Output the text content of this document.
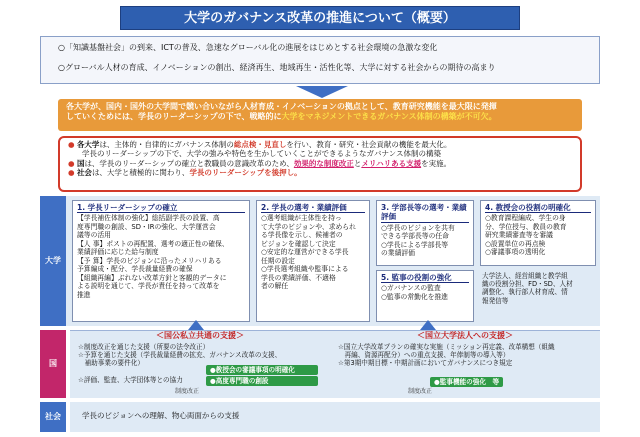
大学のガバナンス改革の推進について（概要）
○「知識基盤社会」の到来、ICTの普及、急速なグローバル化の進展をはじめとする社会環境の急激な変化
○グローバル人材の育成、イノベーションの創出、経済再生、地域再生・活性化等、大学に対する社会からの期待の高まり
各大学が、国内・国外の大学間で競い合いながら人材育成・イノベーションの拠点として、教育研究機能を最大限に発揮
していくためには、学長のリーダーシップの下で、戦略的に大学をマネジメントできるガバナンス体制の構築が不可欠。
● 各大学は、主体的・自律的にガバナンス体制の総点検・見直しを行い、教育・研究・社会貢献の機能を最大化。
学長のリーダーシップの下で、大学の強みや特色を生かしていくことができるようなガバナンス体制の構築
● 国は、学長のリーダーシップの確立と教職員の意識改革のため、効果的な制度改正とメリハリある支援を実施。
● 社会は、大学と積極的に関わり、学長のリーダーシップを後押し。
大学
1. 学長リーダーシップの確立
【学長補佐体制の強化】総括副学長の設置、高
度専門職の創設、SD・IRの強化、大学運営会
議等の活用
【人 事】ポストの再配置、選考の適正性の確保、
業績評価に応じた給与制度
【予 算】学長のビジョンに沿ったメリハリある
予算編成・配分、学長裁量経費の確保
【組織再編】ぶれない改革方針と客観的データに
よる説明を通じて、学長が責任を持って改革を
推進
2. 学長の選考・業績評価
○選考組織が主体性を持っ
て大学のビジョンや、求められ
る学長像を示し、候補者の
ビジョンを確認して決定
○安定的な運営ができる学長
任期の設定
○学長選考組織や監事による
学長の業績評価、不適格
者の解任
3. 学部長等の選考・業績評価
○学長のビジョンを共有
できる学部長等の任命
○学長による学部長等
の業績評価
4. 教授会の役割の明確化
○教育課程編成、学生の身
分、学位授与、教員の教育
研究業績審査等を審議
○設置単位の再点検
○審議事項の透明化
5. 監事の役割の強化
○ガバナンスの監査
○監事の常勤化を推進
大学法人、経営組織と教学組
織の役割分担、FD・SD、人材
調整化、執行部人材育成、情
報発信等
国
＜国公私立共通の支援＞
☆制度改正を通じた支援（所要の法令改正）
☆予算を通じた支援（学長裁量経費の拡充、ガバナンス改革の支援、
　補助事業の要件化）
☆評価、監査、大学団体等との協力
●教授会の審議事項の明確化
●高度専門職の創設
制度改正
＜国立大学法人への支援＞
☆国立大学改革プランの確実な実施（ミッション再定義、改革構想（組織
　再編、資源再配分）への重点支援、年俸制等の導入等）
☆第3期中期目標・中期計画においてガバナンスにつき規定
●監事機能の強化　等
制度改正
社会	学長のビジョンへの理解、物心両面からの支援
